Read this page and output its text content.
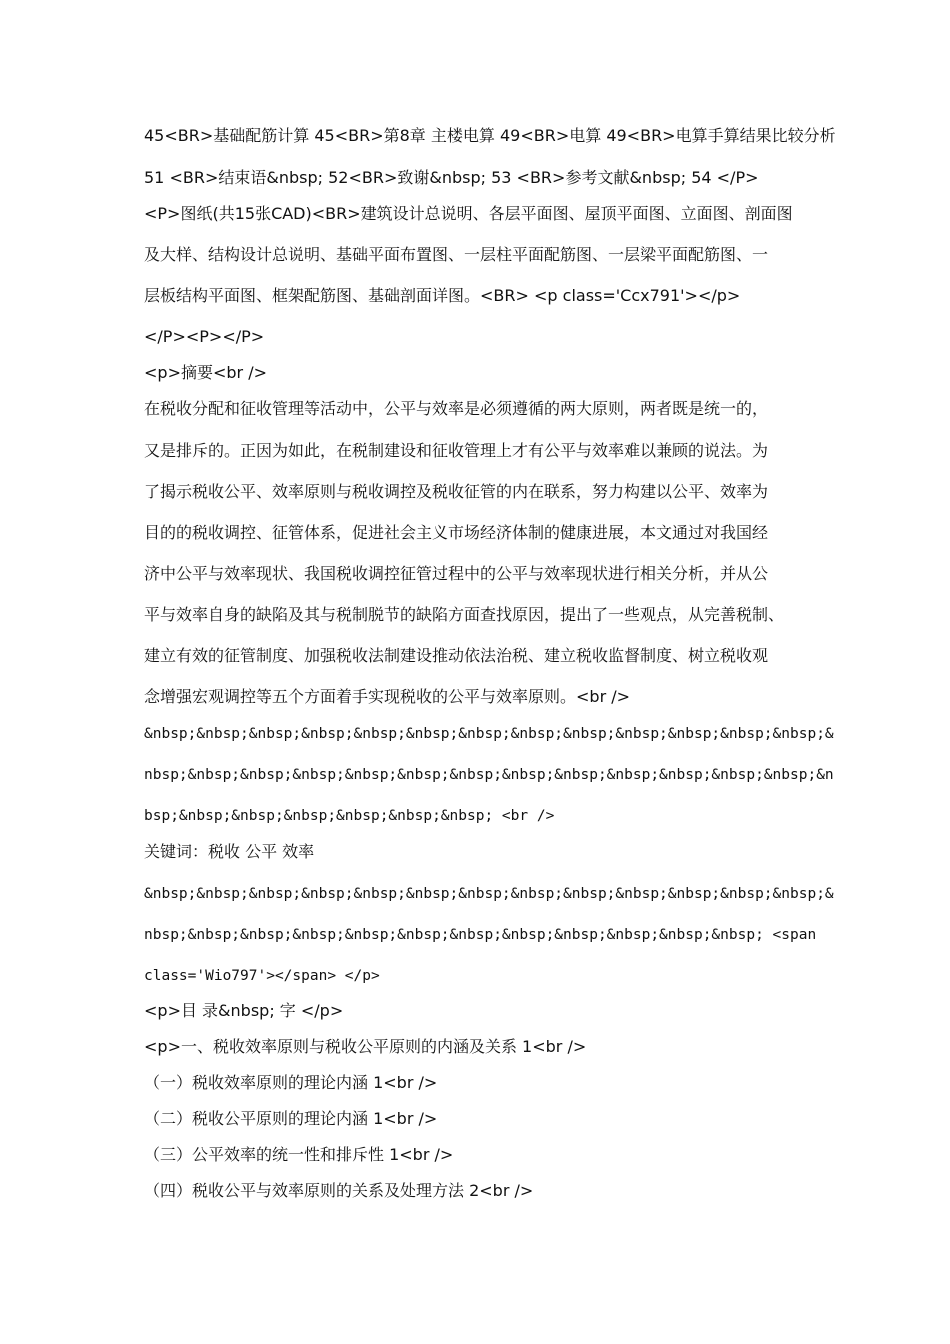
45<BR>基础配筋计算 45<BR>第8章 主楼电算 49<BR>电算 49<BR>电算手算结果比较分析
51 <BR>结束语&nbsp; 52<BR>致谢&nbsp; 53 <BR>参考文献&nbsp; 54 </P>
<P>图纸(共15张CAD)<BR>建筑设计总说明、各层平面图、屋顶平面图、立面图、剖面图
及大样、结构设计总说明、基础平面布置图、一层柱平面配筋图、一层梁平面配筋图、一
层板结构平面图、框架配筋图、基础剖面详图。<BR> <p class='Ccx791'></p>
</P><P></P>
<p>摘要<br />
在税收分配和征收管理等活动中，公平与效率是必须遵循的两大原则，两者既是统一的，
又是排斥的。正因为如此，在税制建设和征收管理上才有公平与效率难以兼顾的说法。为
了揭示税收公平、效率原则与税收调控及税收征管的内在联系，努力构建以公平、效率为
目的的税收调控、征管体系，促进社会主义市场经济体制的健康进展，本文通过对我国经
济中公平与效率现状、我国税收调控征管过程中的公平与效率现状进行相关分析，并从公
平与效率自身的缺陷及其与税制脱节的缺陷方面查找原因，提出了一些观点，从完善税制、
建立有效的征管制度、加强税收法制建设推动依法治税、建立税收监督制度、树立税收观
念增强宏观调控等五个方面着手实现税收的公平与效率原则。<br />
&nbsp;&nbsp;&nbsp;&nbsp;&nbsp;&nbsp;&nbsp;&nbsp;&nbsp;&nbsp;&nbsp;&nbsp;&nbsp;&
nbsp;&nbsp;&nbsp;&nbsp;&nbsp;&nbsp;&nbsp;&nbsp;&nbsp;&nbsp;&nbsp;&nbsp;&nbsp;&n
bsp;&nbsp;&nbsp;&nbsp;&nbsp;&nbsp;&nbsp; <br />
关键词：税收 公平 效率
&nbsp;&nbsp;&nbsp;&nbsp;&nbsp;&nbsp;&nbsp;&nbsp;&nbsp;&nbsp;&nbsp;&nbsp;&nbsp;&
nbsp;&nbsp;&nbsp;&nbsp;&nbsp;&nbsp;&nbsp;&nbsp;&nbsp;&nbsp;&nbsp;&nbsp; <span
class='Wio797'></span> </p>
<p>目 录&nbsp; 字 </p>
<p>一、税收效率原则与税收公平原则的内涵及关系 1<br />
（一）税收效率原则的理论内涵 1<br />
（二）税收公平原则的理论内涵 1<br />
（三）公平效率的统一性和排斥性 1<br />
（四）税收公平与效率原则的关系及处理方法 2<br />
